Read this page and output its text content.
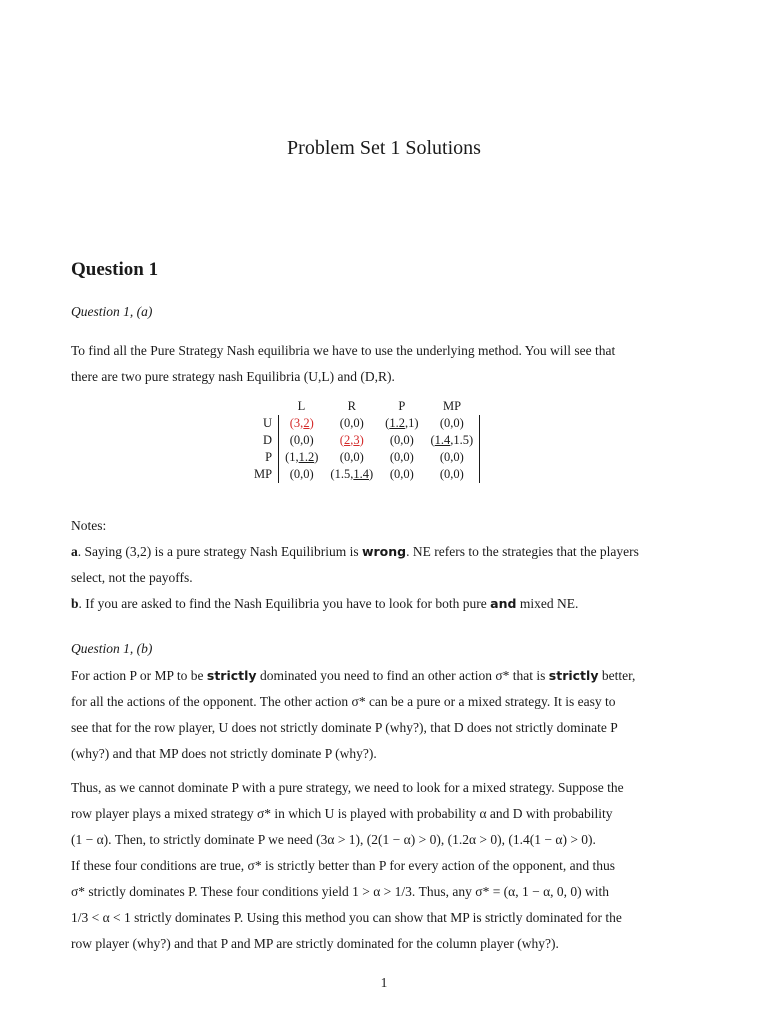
Problem Set 1 Solutions
Question 1
Question 1, (a)
To find all the Pure Strategy Nash equilibria we have to use the underlying method. You will see that
there are two pure strategy nash Equilibria (U,L) and (D,R).
	L	R	P	MP
U	(3,2)	(0,0)	(1.2,1)	(0,0)
D	(0,0)	(2,3)	(0,0)	(1.4,1.5)
P	(1,1.2)	(0,0)	(0,0)	(0,0)
MP	(0,0)	(1.5,1.4)	(0,0)	(0,0)
Notes:
a. Saying (3,2) is a pure strategy Nash Equilibrium is wrong. NE refers to the strategies that the players
select, not the payoffs.
b. If you are asked to find the Nash Equilibria you have to look for both pure and mixed NE.
Question 1, (b)
For action P or MP to be strictly dominated you need to find an other action σ* that is strictly better,
for all the actions of the opponent. The other action σ* can be a pure or a mixed strategy. It is easy to
see that for the row player, U does not strictly dominate P (why?), that D does not strictly dominate P
(why?) and that MP does not strictly dominate P (why?).
Thus, as we cannot dominate P with a pure strategy, we need to look for a mixed strategy. Suppose the
row player plays a mixed strategy σ* in which U is played with probability α and D with probability
(1 − α). Then, to strictly dominate P we need (3α > 1), (2(1 − α) > 0), (1.2α > 0), (1.4(1 − α) > 0).
If these four conditions are true, σ* is strictly better than P for every action of the opponent, and thus
σ* strictly dominates P. These four conditions yield 1 > α > 1/3. Thus, any σ* = (α, 1 − α, 0, 0) with
1/3 < α < 1 strictly dominates P. Using this method you can show that MP is strictly dominated for the
row player (why?) and that P and MP are strictly dominated for the column player (why?).
1
